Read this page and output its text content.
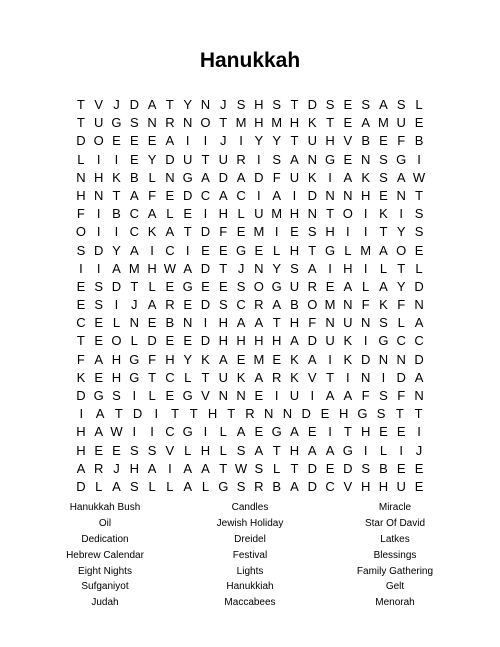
Hanukkah
T V J D A T Y N J S H S T D S E S A S L
T U G S N R N O T M H M H K T E A M U E
D O E E E A I	I J I Y Y T U H V B E F B
L I	I E Y D U T U R I S A N G E N S G I
N H K B L N G A D A D F U K I A K S A W
H N T A F E D C A C I A I D N N H E N T
F I B C A L E I H L U M H N T O I K I S
O I	I C K A T D F E M I E S H I	I T Y S
S D Y A I C I E E G E L H T G L M A O E
I	I A M H W A D T J N Y S A I H I L T L
E S D T L E G E E S O G U R E A L A Y D
E S I J A R E D S C R A B O M N F K F N
C E L N E B N I H A A T H F N U N S L A
T E O L D E E D H H H H A D U K I G C C
F A H G F H Y K A E M E K A I K D N N D
K E H G T C L T U K A R K V T I N I D A
D G S I L E G V N N E I U I A A F S F N
I A T D I T T H T R N N D E H G S T T
H A W I	I C G I L A E G A E I T H E E I
H E E S S V L H L S A T H A A G I L I J
A R J H A I A A T W S L T D E D S B E E
D L A S L L A L G S R B A D C V H H U E
Hanukkah Bush
Oil
Dedication
Hebrew Calendar
Eight Nights
Sufganiyot
Judah
Candles
Jewish Holiday
Dreidel
Festival
Lights
Hanukkiah
Maccabees
Miracle
Star Of David
Latkes
Blessings
Family Gathering
Gelt
Menorah
